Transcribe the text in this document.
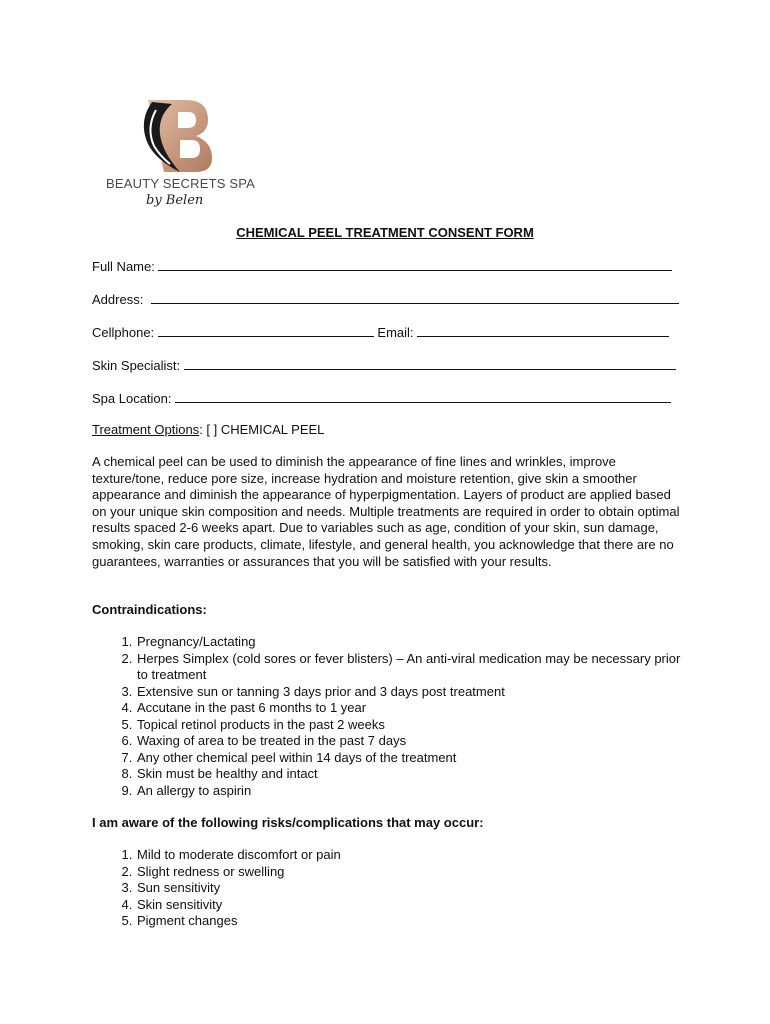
BEAUTY SECRETS SPA
by Belen
CHEMICAL PEEL TREATMENT CONSENT FORM
Full Name:
Address:
Cellphone:	Email:
Skin Specialist:
Spa Location:
Treatment Options: [ ] CHEMICAL PEEL
A chemical peel can be used to diminish the appearance of fine lines and wrinkles, improve texture/tone, reduce pore size, increase hydration and moisture retention, give skin a smoother appearance and diminish the appearance of hyperpigmentation. Layers of product are applied based on your unique skin composition and needs. Multiple treatments are required in order to obtain optimal results spaced 2-6 weeks apart. Due to variables such as age, condition of your skin, sun damage, smoking, skin care products, climate, lifestyle, and general health, you acknowledge that there are no guarantees, warranties or assurances that you will be satisfied with your results.
Contraindications:
1. Pregnancy/Lactating
2. Herpes Simplex (cold sores or fever blisters) – An anti-viral medication may be necessary prior to treatment
3. Extensive sun or tanning 3 days prior and 3 days post treatment
4. Accutane in the past 6 months to 1 year
5. Topical retinol products in the past 2 weeks
6. Waxing of area to be treated in the past 7 days
7. Any other chemical peel within 14 days of the treatment
8. Skin must be healthy and intact
9. An allergy to aspirin
I am aware of the following risks/complications that may occur:
1. Mild to moderate discomfort or pain
2. Slight redness or swelling
3. Sun sensitivity
4. Skin sensitivity
5. Pigment changes
